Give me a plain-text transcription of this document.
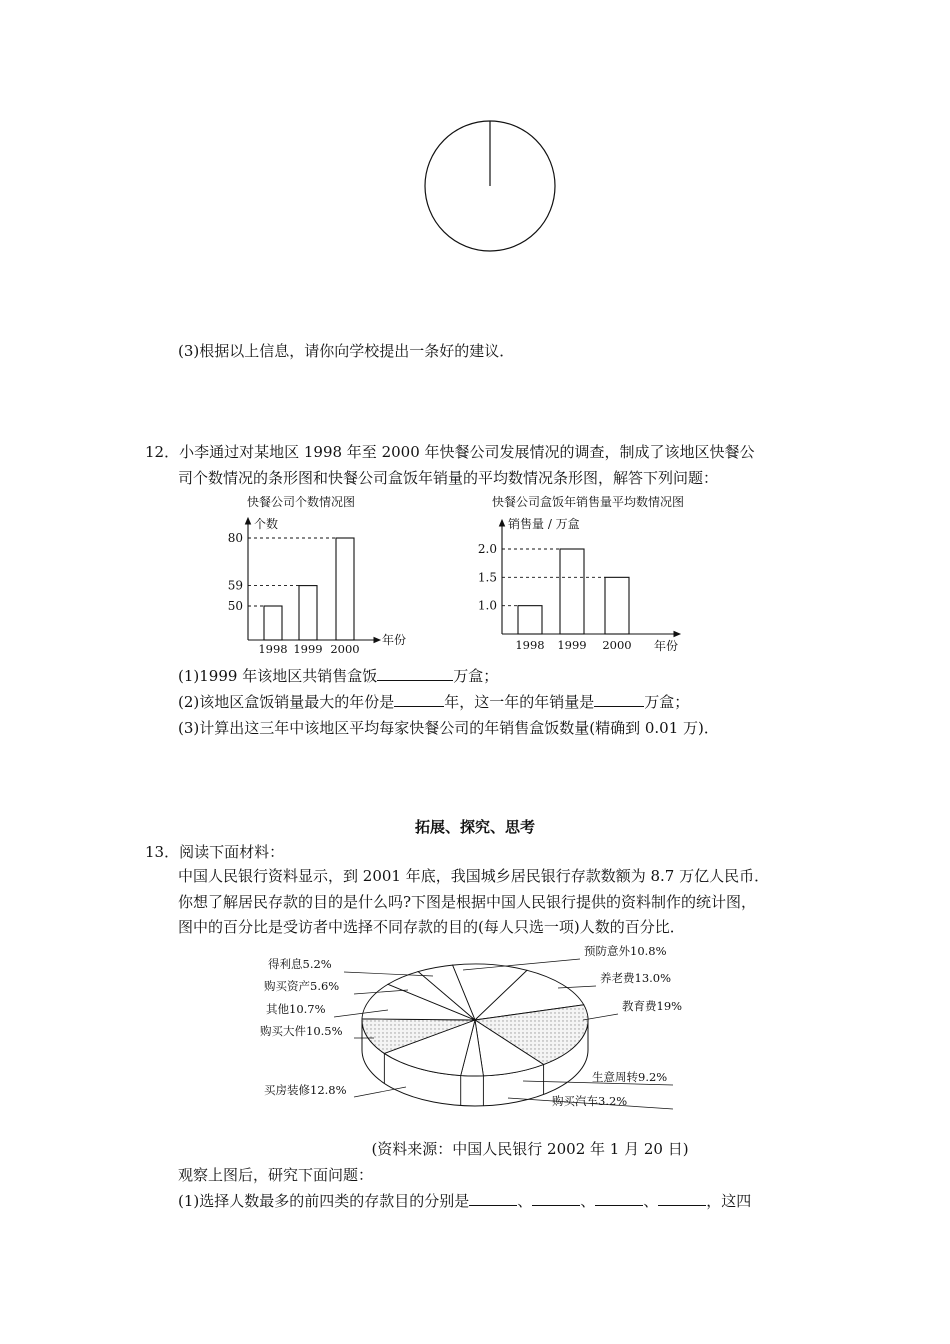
(3)根据以上信息，请你向学校提出一条好的建议．
12．小李通过对某地区 1998 年至 2000 年快餐公司发展情况的调查，制成了该地区快餐公
司个数情况的条形图和快餐公司盒饭年销量的平均数情况条形图，解答下列问题：
快餐公司个数情况图	快餐公司盒饭年销售量平均数情况图
个数
年份
1998 1999 2000
50
59
80
销售量 / 万盒
年份
1998 1999 2000
1.0
1.5
2.0
(1)1999 年该地区共销售盒饭	万盒；
(2)该地区盒饭销量最大的年份是	年，这一年的年销量是	万盒；
(3)计算出这三年中该地区平均每家快餐公司的年销售盒饭数量(精确到 0.01 万)．
拓展、探究、思考
13．阅读下面材料：
中国人民银行资料显示，到 2001 年底，我国城乡居民银行存款数额为 8.7 万亿人民币．
你想了解居民存款的目的是什么吗?下图是根据中国人民银行提供的资料制作的统计图，
图中的百分比是受访者中选择不同存款的目的(每人只选一项)人数的百分比．
预防意外10.8%
养老费13.0%
教育费19%
生意周转9.2%
购买汽车3.2%
买房装修12.8%
购买大件10.5%
其他10.7%
购买资产5.6%
得利息5.2%
(资料来源：中国人民银行 2002 年 1 月 20 日)
观察上图后，研究下面问题：
(1)选择人数最多的前四类的存款目的分别是	、	、	、	，这四
